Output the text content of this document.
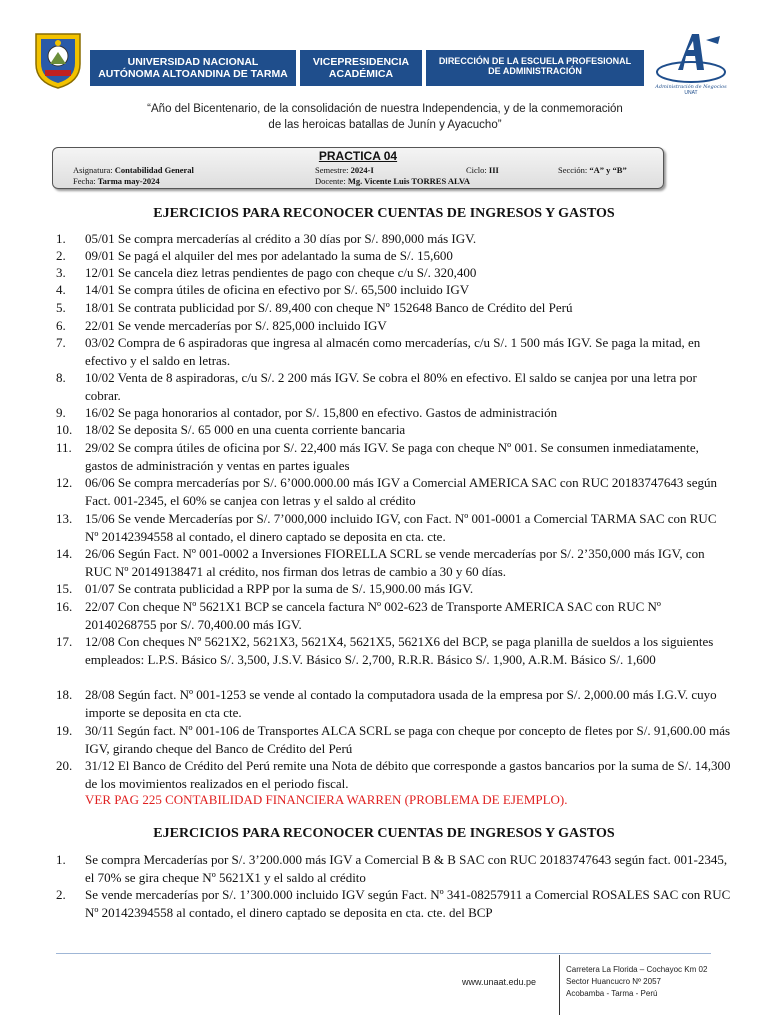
UNIVERSIDAD NACIONAL
AUTÓNOMA ALTOANDINA DE TARMA
VICEPRESIDENCIA
ACADÉMICA
DIRECCIÓN DE LA ESCUELA PROFESIONAL
DE ADMINISTRACIÓN
Administración de Negocios
UNAT
“Año del Bicentenario, de la consolidación de nuestra Independencia, y de la conmemoración
de las heroicas batallas de Junín y Ayacucho”
PRACTICA 04
Asignatura: Contabilidad General
Fecha: Tarma may-2024
Semestre: 2024-I
Docente: Mg. Vicente Luis TORRES ALVA
Ciclo: III	Sección: “A” y “B”
EJERCICIOS PARA RECONOCER CUENTAS DE INGRESOS Y GASTOS
1. 05/01 Se compra mercaderías al crédito a 30 días por S/. 890,000 más IGV.
2. 09/01 Se pagá el alquiler del mes por adelantado la suma de S/. 15,600
3. 12/01 Se cancela diez letras pendientes de pago con cheque c/u S/. 320,400
4. 14/01 Se compra útiles de oficina en efectivo por S/. 65,500 incluido IGV
5. 18/01 Se contrata publicidad por S/. 89,400 con cheque Nº 152648 Banco de Crédito del Perú
6. 22/01 Se vende mercaderías por S/. 825,000 incluido IGV
7. 03/02 Compra de 6 aspiradoras que ingresa al almacén como mercaderías, c/u S/. 1 500 más IGV. Se paga la mitad, en efectivo y el saldo en letras.
8. 10/02 Venta de 8 aspiradoras, c/u S/. 2 200 más IGV. Se cobra el 80% en efectivo. El saldo se canjea por una letra por cobrar.
9. 16/02 Se paga honorarios al contador, por S/. 15,800 en efectivo. Gastos de administración
10. 18/02 Se deposita S/. 65 000 en una cuenta corriente bancaria
11. 29/02 Se compra útiles de oficina por S/. 22,400 más IGV. Se paga con cheque Nº 001. Se consumen inmediatamente, gastos de administración y ventas en partes iguales
12. 06/06 Se compra mercaderías por S/. 6’000.000.00 más IGV a Comercial AMERICA SAC con RUC 20183747643 según Fact. 001-2345, el 60% se canjea con letras y el saldo al crédito
13. 15/06 Se vende Mercaderías por S/. 7’000,000 incluido IGV, con Fact. Nº 001-0001 a Comercial TARMA SAC con RUC Nº 20142394558 al contado, el dinero captado se deposita en cta. cte.
14. 26/06 Según Fact. Nº 001-0002 a Inversiones FIORELLA SCRL se vende mercaderías por S/. 2’350,000 más IGV, con RUC Nº 20149138471 al crédito, nos firman dos letras de cambio a 30 y 60 días.
15. 01/07 Se contrata publicidad a RPP por la suma de S/. 15,900.00 más IGV.
16. 22/07 Con cheque Nº 5621X1 BCP se cancela factura Nº 002-623 de Transporte AMERICA SAC con RUC Nº 20140268755 por S/. 70,400.00 más IGV.
17. 12/08 Con cheques Nº 5621X2, 5621X3, 5621X4, 5621X5, 5621X6 del BCP, se paga planilla de sueldos a los siguientes empleados: L.P.S. Básico S/. 3,500, J.S.V. Básico S/. 2,700, R.R.R. Básico S/. 1,900, A.R.M. Básico S/. 1,600
18. 28/08 Según fact. Nº 001-1253 se vende al contado la computadora usada de la empresa por S/. 2,000.00 más I.G.V. cuyo importe se deposita en cta cte.
19. 30/11 Según fact. Nº 001-106 de Transportes ALCA SCRL se paga con cheque por concepto de fletes por S/. 91,600.00 más IGV, girando cheque del Banco de Crédito del Perú
20. 31/12 El Banco de Crédito del Perú remite una Nota de débito que corresponde a gastos bancarios por la suma de S/. 14,300 de los movimientos realizados en el periodo fiscal.
VER PAG 225 CONTABILIDAD FINANCIERA WARREN (PROBLEMA DE EJEMPLO).
EJERCICIOS PARA RECONOCER CUENTAS DE INGRESOS Y GASTOS
1. Se compra Mercaderías por S/. 3’200.000 más IGV a Comercial B & B SAC con RUC 20183747643 según fact. 001-2345, el 70% se gira cheque Nº 5621X1 y el saldo al crédito
2. Se vende mercaderías por S/. 1’300.000 incluido IGV según Fact. Nº 341-08257911 a Comercial ROSALES SAC con RUC Nº 20142394558 al contado, el dinero captado se deposita en cta. cte. del BCP
www.unaat.edu.pe
Carretera La Florida – Cochayoc Km 02
Sector Huancucro Nº 2057
Acobamba - Tarma - Perú
